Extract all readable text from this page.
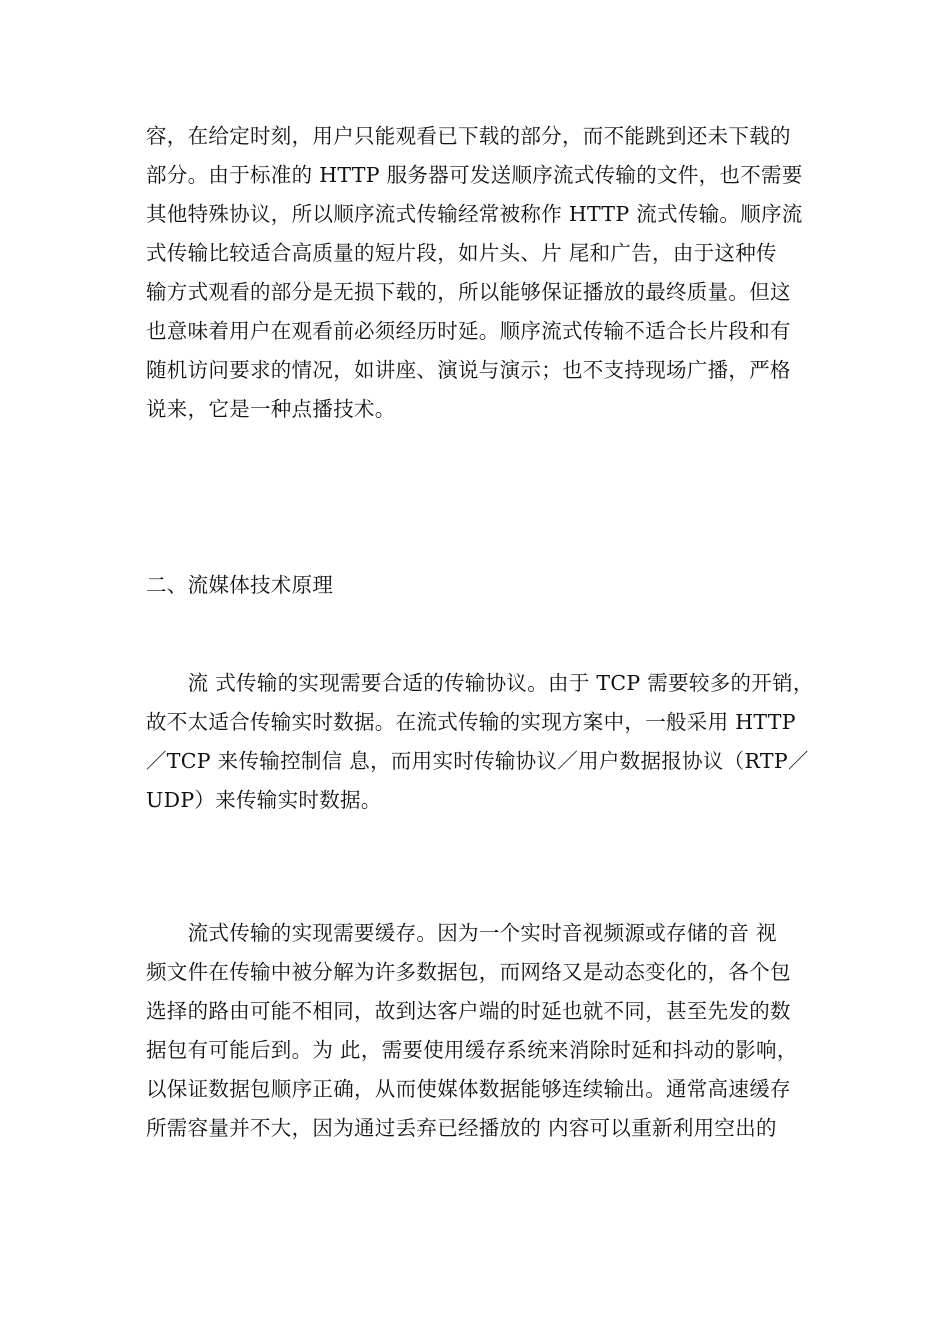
容，在给定时刻，用户只能观看已下载的部分，而不能跳到还未下载的
部分。由于标准的 HTTP 服务器可发送顺序流式传输的文件，也不需要
其他特殊协议，所以顺序流式传输经常被称作 HTTP 流式传输。顺序流
式传输比较适合高质量的短片段，如片头、片 尾和广告，由于这种传
输方式观看的部分是无损下载的，所以能够保证播放的最终质量。但这
也意味着用户在观看前必须经历时延。顺序流式传输不适合长片段和有
随机访问要求的情况，如讲座、演说与演示；也不支持现场广播，严格
说来，它是一种点播技术。
二、流媒体技术原理
　　流 式传输的实现需要合适的传输协议。由于 TCP 需要较多的开销，
故不太适合传输实时数据。在流式传输的实现方案中，一般采用 HTTP
／TCP 来传输控制信 息，而用实时传输协议／用户数据报协议（RTP／
UDP）来传输实时数据。
　　流式传输的实现需要缓存。因为一个实时音视频源或存储的音 视
频文件在传输中被分解为许多数据包，而网络又是动态变化的，各个包
选择的路由可能不相同，故到达客户端的时延也就不同，甚至先发的数
据包有可能后到。为 此，需要使用缓存系统来消除时延和抖动的影响，
以保证数据包顺序正确，从而使媒体数据能够连续输出。通常高速缓存
所需容量并不大，因为通过丢弃已经播放的 内容可以重新利用空出的
